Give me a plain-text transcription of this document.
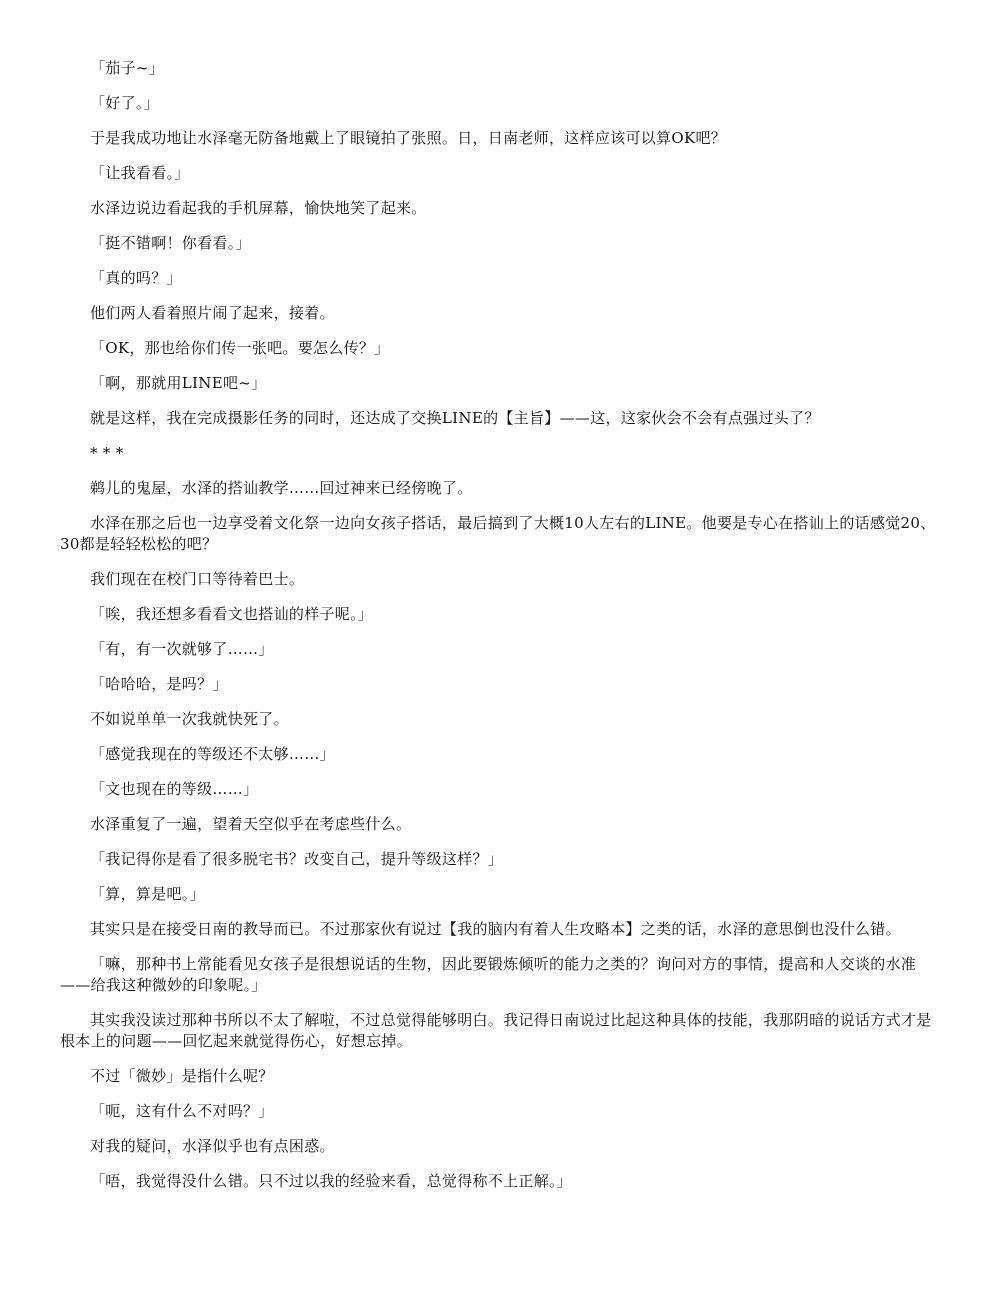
「茄子~」

「好了。」

于是我成功地让水泽毫无防备地戴上了眼镜拍了张照。日，日南老师，这样应该可以算OK吧？

「让我看看。」

水泽边说边看起我的手机屏幕，愉快地笑了起来。

「挺不错啊！你看看。」

「真的吗？」

他们两人看着照片闹了起来，接着。

「OK，那也给你们传一张吧。要怎么传？」

「啊，那就用LINE吧~」

就是这样，我在完成摄影任务的同时，还达成了交换LINE的【主旨】——这，这家伙会不会有点强过头了？

* * *

鹈儿的鬼屋，水泽的搭讪教学……回过神来已经傍晚了。

水泽在那之后也一边享受着文化祭一边向女孩子搭话，最后搞到了大概10人左右的LINE。他要是专心在搭讪上的话感觉20、30都是轻轻松松的吧？

我们现在在校门口等待着巴士。

「唉，我还想多看看文也搭讪的样子呢。」

「有，有一次就够了……」

「哈哈哈，是吗？」

不如说单单一次我就快死了。

「感觉我现在的等级还不太够……」

「文也现在的等级……」

水泽重复了一遍，望着天空似乎在考虑些什么。

「我记得你是看了很多脱宅书？改变自己，提升等级这样？」

「算，算是吧。」

其实只是在接受日南的教导而已。不过那家伙有说过【我的脑内有着人生攻略本】之类的话，水泽的意思倒也没什么错。

「嘛，那种书上常能看见女孩子是很想说话的生物，因此要锻炼倾听的能力之类的？询问对方的事情，提高和人交谈的水准——给我这种微妙的印象呢。」

其实我没读过那种书所以不太了解啦，不过总觉得能够明白。我记得日南说过比起这种具体的技能，我那阴暗的说话方式才是根本上的问题——回忆起来就觉得伤心，好想忘掉。

不过「微妙」是指什么呢？

「呃，这有什么不对吗？」

对我的疑问，水泽似乎也有点困惑。

「唔，我觉得没什么错。只不过以我的经验来看，总觉得称不上正解。」
